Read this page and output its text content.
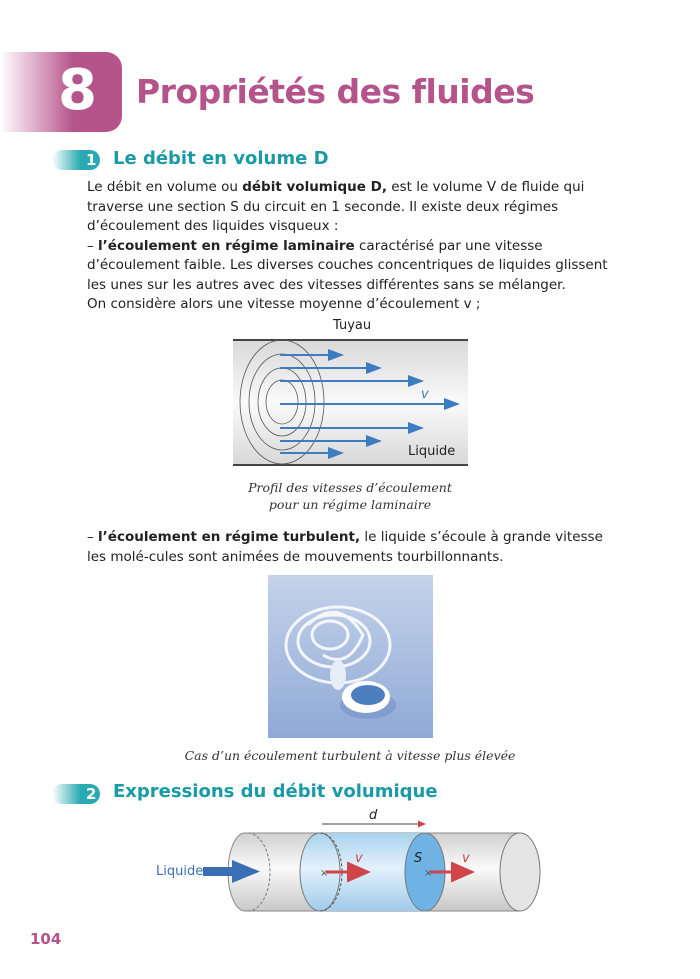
8 Propriétés des fluides
1 Le débit en volume D
Le débit en volume ou débit volumique D, est le volume V de fluide qui traverse une section S du circuit en 1 seconde. Il existe deux régimes d’écoulement des liquides visqueux :
– l’écoulement en régime laminaire caractérisé par une vitesse d’écoulement faible. Les diverses couches concentriques de liquides glissent les unes sur les autres avec des vitesses différentes sans se mélanger.
On considère alors une vitesse moyenne d’écoulement v ;
Tuyau
v
Liquide
Profil des vitesses d’écoulement
pour un régime laminaire
– l’écoulement en régime turbulent, le liquide s’écoule à grande vitesse les molé-cules sont animées de mouvements tourbillonnants.
Cas d’un écoulement turbulent à vitesse plus élevée
2 Expressions du débit volumique
×	×
d
S
v	v
Liquide
104
